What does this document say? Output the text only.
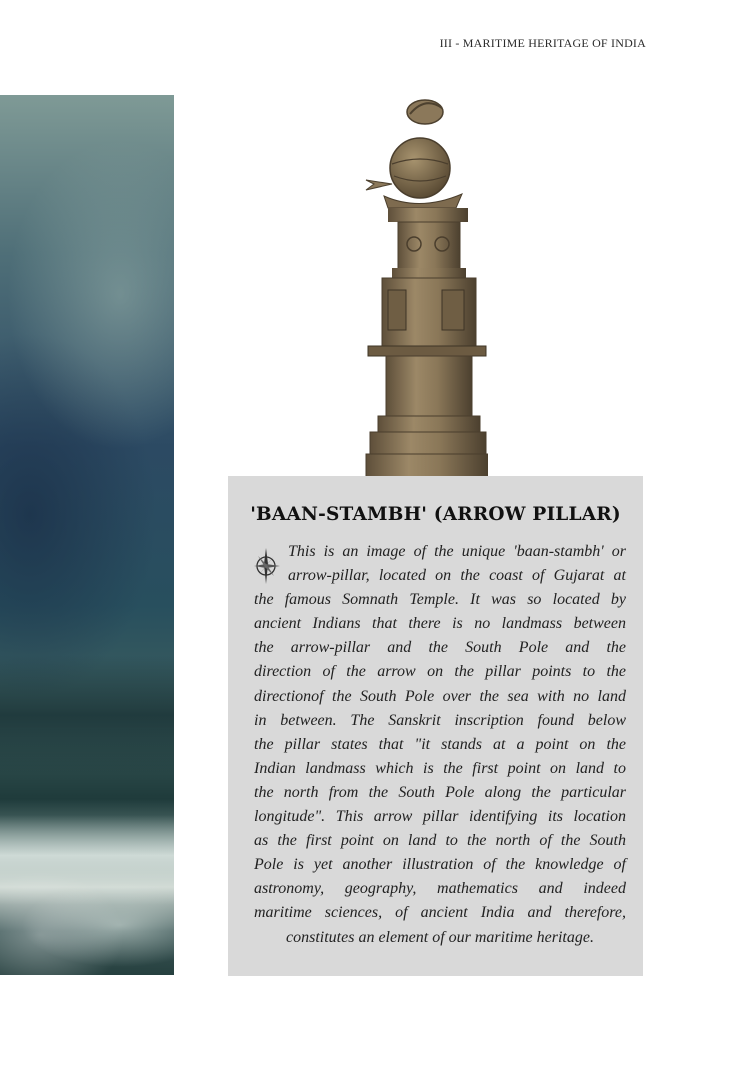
III - MARITIME HERITAGE OF INDIA
'BAAN-STAMBH' (ARROW PILLAR)
This is an image of the unique 'baan-stambh' or
arrow-pillar, located on the coast of Gujarat at
the famous Somnath Temple. It was so located by
ancient Indians that there is no landmass between
the arrow-pillar and the South Pole and the
direction of the arrow on the pillar points to the
directionof the South Pole over the sea with no land
in between. The Sanskrit inscription found below
the pillar states that "it stands at a point on the
Indian landmass which is the first point on land to
the north from the South Pole along the particular
longitude". This arrow pillar identifying its location
as the first point on land to the north of the South
Pole is yet another illustration of the knowledge of
astronomy, geography, mathematics and indeed
maritime sciences, of ancient India and therefore,
constitutes an element of our maritime heritage.
